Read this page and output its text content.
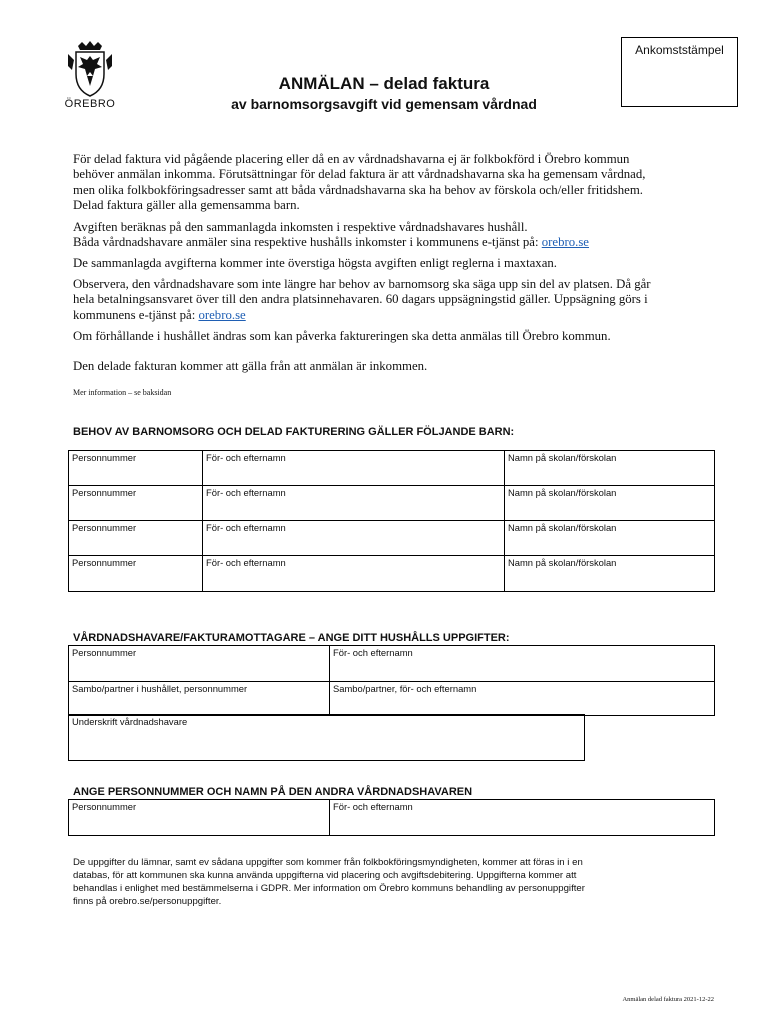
ÖREBRO
Ankomststämpel
ANMÄLAN – delad faktura
av barnomsorgsavgift vid gemensam vårdnad
För delad faktura vid pågående placering eller då en av vårdnadshavarna ej är folkbokförd i Örebro kommun
behöver anmälan inkomma. Förutsättningar för delad faktura är att vårdnadshavarna ska ha gemensam vårdnad,
men olika folkbokföringsadresser samt att båda vårdnadshavarna ska ha behov av förskola och/eller fritidshem.
Delad faktura gäller alla gemensamma barn.
Avgiften beräknas på den sammanlagda inkomsten i respektive vårdnadshavares hushåll.
Båda vårdnadshavare anmäler sina respektive hushålls inkomster i kommunens e-tjänst på: orebro.se
De sammanlagda avgifterna kommer inte överstiga högsta avgiften enligt reglerna i maxtaxan.
Observera, den vårdnadshavare som inte längre har behov av barnomsorg ska säga upp sin del av platsen. Då går
hela betalningsansvaret över till den andra platsinnehavaren. 60 dagars uppsägningstid gäller. Uppsägning görs i
kommunens e-tjänst på: orebro.se
Om förhållande i hushållet ändras som kan påverka faktureringen ska detta anmälas till Örebro kommun.
Den delade fakturan kommer att gälla från att anmälan är inkommen.
Mer information – se baksidan
BEHOV AV BARNOMSORG OCH DELAD FAKTURERING GÄLLER FÖLJANDE BARN:
Personnummer	För- och efternamn	Namn på skolan/förskolan
Personnummer	För- och efternamn	Namn på skolan/förskolan
Personnummer	För- och efternamn	Namn på skolan/förskolan
Personnummer	För- och efternamn	Namn på skolan/förskolan
VÅRDNADSHAVARE/FAKTURAMOTTAGARE – ANGE DITT HUSHÅLLS UPPGIFTER:
Personnummer	För- och efternamn
Sambo/partner i hushållet, personnummer	Sambo/partner, för- och efternamn
Underskrift vårdnadshavare
ANGE PERSONNUMMER OCH NAMN PÅ DEN ANDRA VÅRDNADSHAVAREN
Personnummer	För- och efternamn
De uppgifter du lämnar, samt ev sådana uppgifter som kommer från folkbokföringsmyndigheten, kommer att föras in i en
databas, för att kommunen ska kunna använda uppgifterna vid placering och avgiftsdebitering. Uppgifterna kommer att
behandlas i enlighet med bestämmelserna i GDPR. Mer information om Örebro kommuns behandling av personuppgifter
finns på orebro.se/personuppgifter.
Anmälan delad faktura 2021-12-22
